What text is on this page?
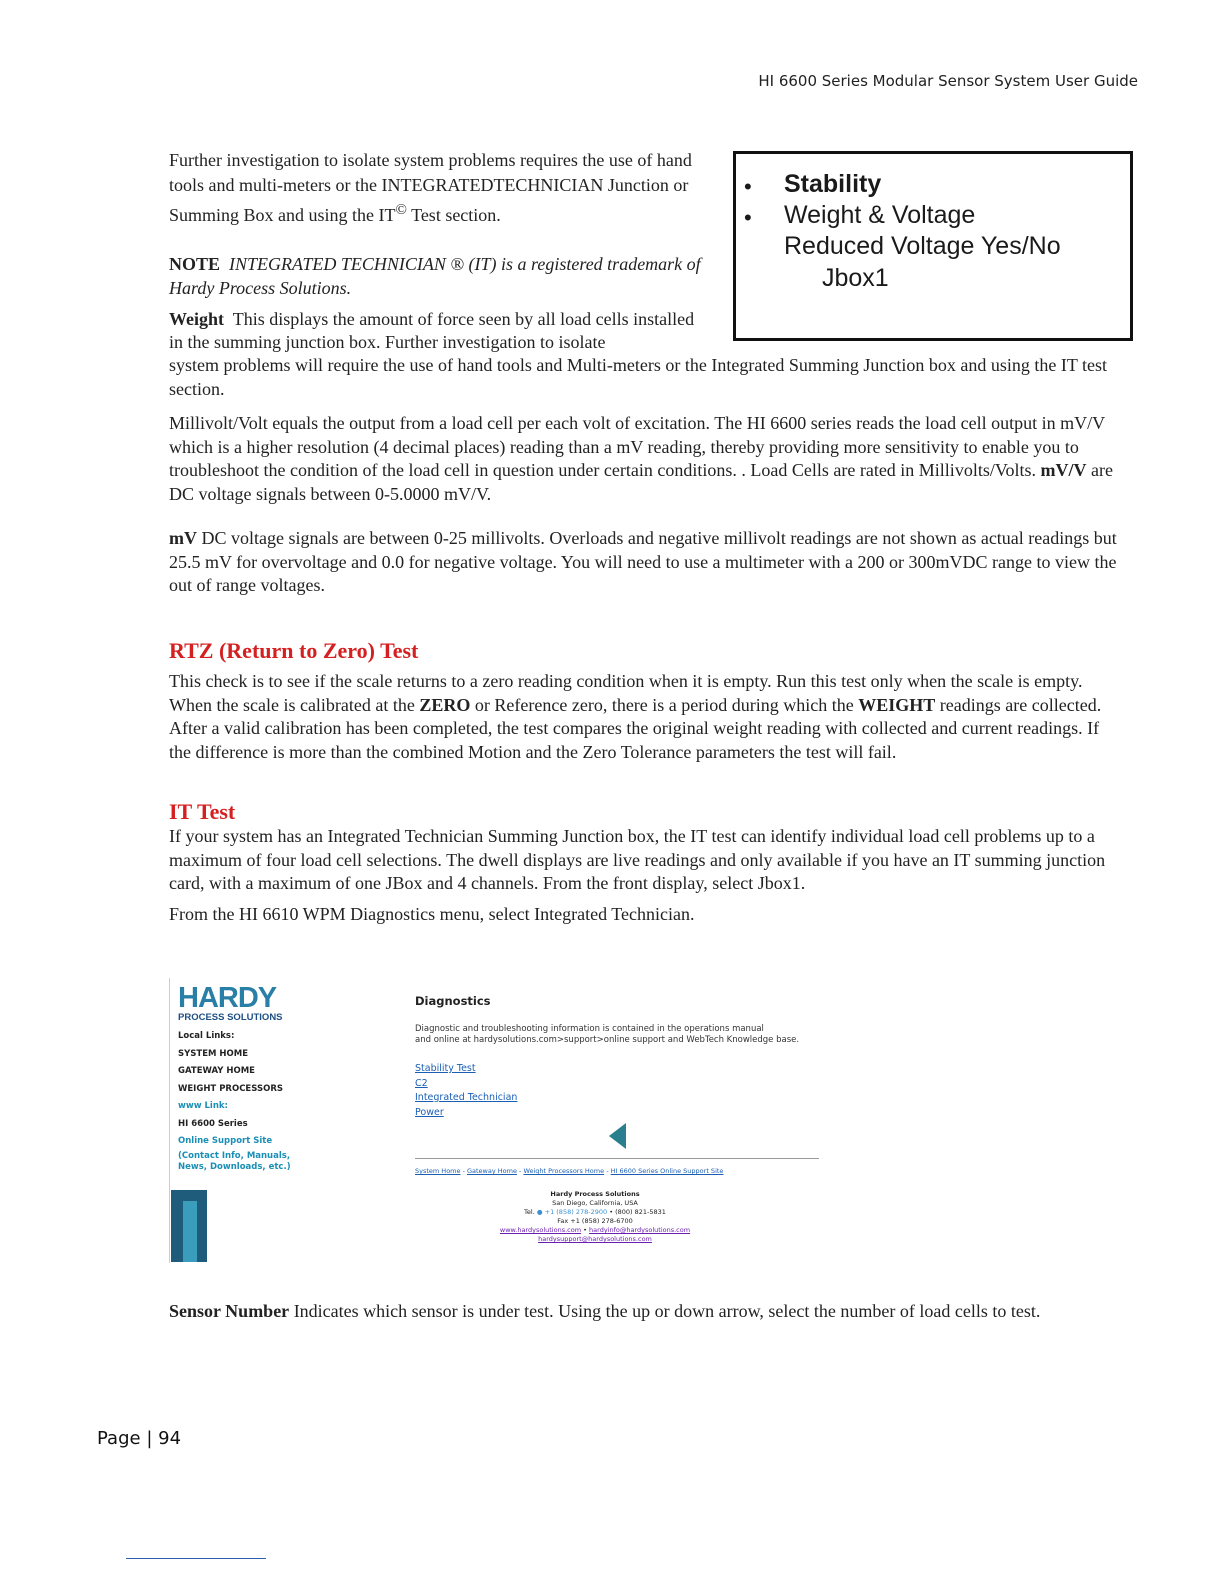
HI 6600 Series Modular Sensor System User Guide

Further investigation to isolate system problems requires the use of hand tools and multi-meters or the INTEGRATEDTECHNICIAN Junction or Summing Box and using the IT© Test section.

NOTE INTEGRATED TECHNICIAN ® (IT) is a registered trademark of Hardy Process Solutions.

Weight This displays the amount of force seen by all load cells installed in the summing junction box. Further investigation to isolate

• Stability
• Weight & Voltage
Reduced Voltage Yes/No
Jbox1

system problems will require the use of hand tools and Multi-meters or the Integrated Summing Junction box and using the IT test section.

Millivolt/Volt equals the output from a load cell per each volt of excitation. The HI 6600 series reads the load cell output in mV/V which is a higher resolution (4 decimal places) reading than a mV reading, thereby providing more sensitivity to enable you to troubleshoot the condition of the load cell in question under certain conditions. . Load Cells are rated in Millivolts/Volts. mV/V are DC voltage signals between 0-5.0000 mV/V.

mV DC voltage signals are between 0-25 millivolts. Overloads and negative millivolt readings are not shown as actual readings but 25.5 mV for overvoltage and 0.0 for negative voltage. You will need to use a multimeter with a 200 or 300mVDC range to view the out of range voltages.

RTZ (Return to Zero) Test

This check is to see if the scale returns to a zero reading condition when it is empty. Run this test only when the scale is empty. When the scale is calibrated at the ZERO or Reference zero, there is a period during which the WEIGHT readings are collected. After a valid calibration has been completed, the test compares the original weight reading with collected and current readings. If the difference is more than the combined Motion and the Zero Tolerance parameters the test will fail.

IT Test

If your system has an Integrated Technician Summing Junction box, the IT test can identify individual load cell problems up to a maximum of four load cell selections. The dwell displays are live readings and only available if you have an IT summing junction card, with a maximum of one JBox and 4 channels. From the front display, select Jbox1.

From the HI 6610 WPM Diagnostics menu, select Integrated Technician.

HARDY
PROCESS SOLUTIONS
Local Links:
SYSTEM HOME
GATEWAY HOME
WEIGHT PROCESSORS
www Link:
HI 6600 Series
Online Support Site
(Contact Info, Manuals,
News, Downloads, etc.)
Diagnostics
Diagnostic and troubleshooting information is contained in the operations manual
and online at hardysolutions.com>support>online support and WebTech Knowledge base.
Stability Test
C2
Integrated Technician
Power
System Home - Gateway Home - Weight Processors Home - HI 6600 Series Online Support Site
Hardy Process Solutions
San Diego, California, USA
Tel. ● +1 (858) 278-2900 • (800) 821-5831
Fax +1 (858) 278-6700
www.hardysolutions.com • hardyinfo@hardysolutions.com
hardysupport@hardysolutions.com

Sensor Number Indicates which sensor is under test. Using the up or down arrow, select the number of load cells to test.

Page | 94
